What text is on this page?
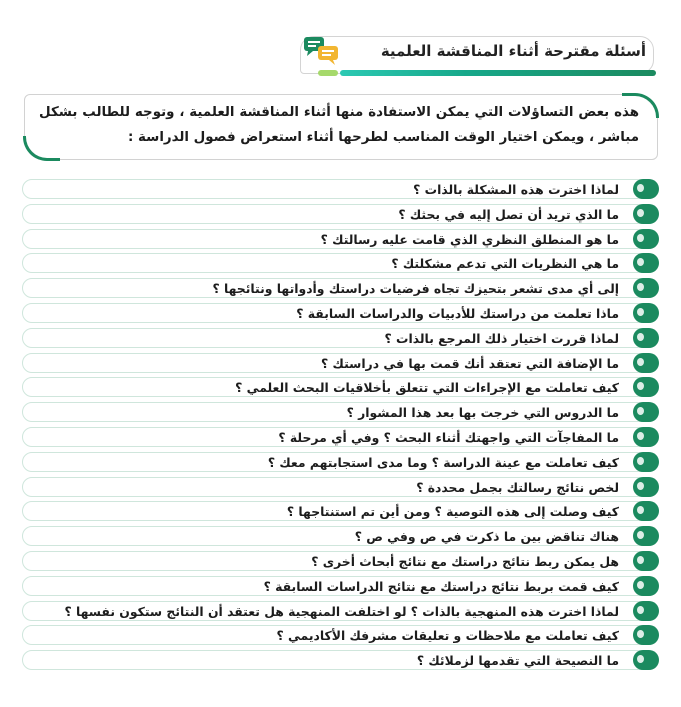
أسئلة مقترحة أثناء المناقشة العلمية
هذه بعض التساؤلات التي يمكن الاستفادة منها أثناء المناقشة العلمية ، وتوجه للطالب بشكل مباشر ، ويمكن اختيار الوقت المناسب لطرحها أثناء استعراض فصول الدراسة :
لماذا اخترت هذه المشكلة بالذات ؟
ما الذي تريد أن تصل إليه في بحثك ؟
ما هو المنطلق النظري الذي قامت عليه رسالتك ؟
ما هي النظريات التي تدعم مشكلتك ؟
إلى أي مدى تشعر بتحيزك تجاه فرضيات دراستك وأدواتها ونتائجها ؟
ماذا تعلمت من دراستك للأدبيات والدراسات السابقة ؟
لماذا قررت اختيار ذلك المرجع بالذات ؟
ما الإضافة التي تعتقد أنك قمت بها في دراستك ؟
كيف تعاملت مع الإجراءات التي تتعلق بأخلاقيات البحث العلمي ؟
ما الدروس التي خرجت بها بعد هذا المشوار ؟
ما المفاجآت التي واجهتك أثناء البحث ؟ وفي أي مرحلة ؟
كيف تعاملت مع عينة الدراسة ؟ وما مدى استجابتهم معك ؟
لخص نتائج رسالتك بجمل محددة ؟
كيف وصلت إلى هذه التوصية ؟ ومن أين تم استنتاجها ؟
هناك تناقض بين ما ذكرت في ص وفي ص ؟
هل يمكن ربط نتائج دراستك مع نتائج أبحاث أخرى ؟
كيف قمت بربط نتائج دراستك مع نتائج الدراسات السابقة ؟
لماذا اخترت هذه المنهجية بالذات ؟ لو اختلفت المنهجية هل تعتقد أن النتائج ستكون نفسها ؟
كيف تعاملت مع ملاحظات و تعليقات مشرفك الأكاديمي ؟
ما النصيحة التي تقدمها لزملائك ؟
